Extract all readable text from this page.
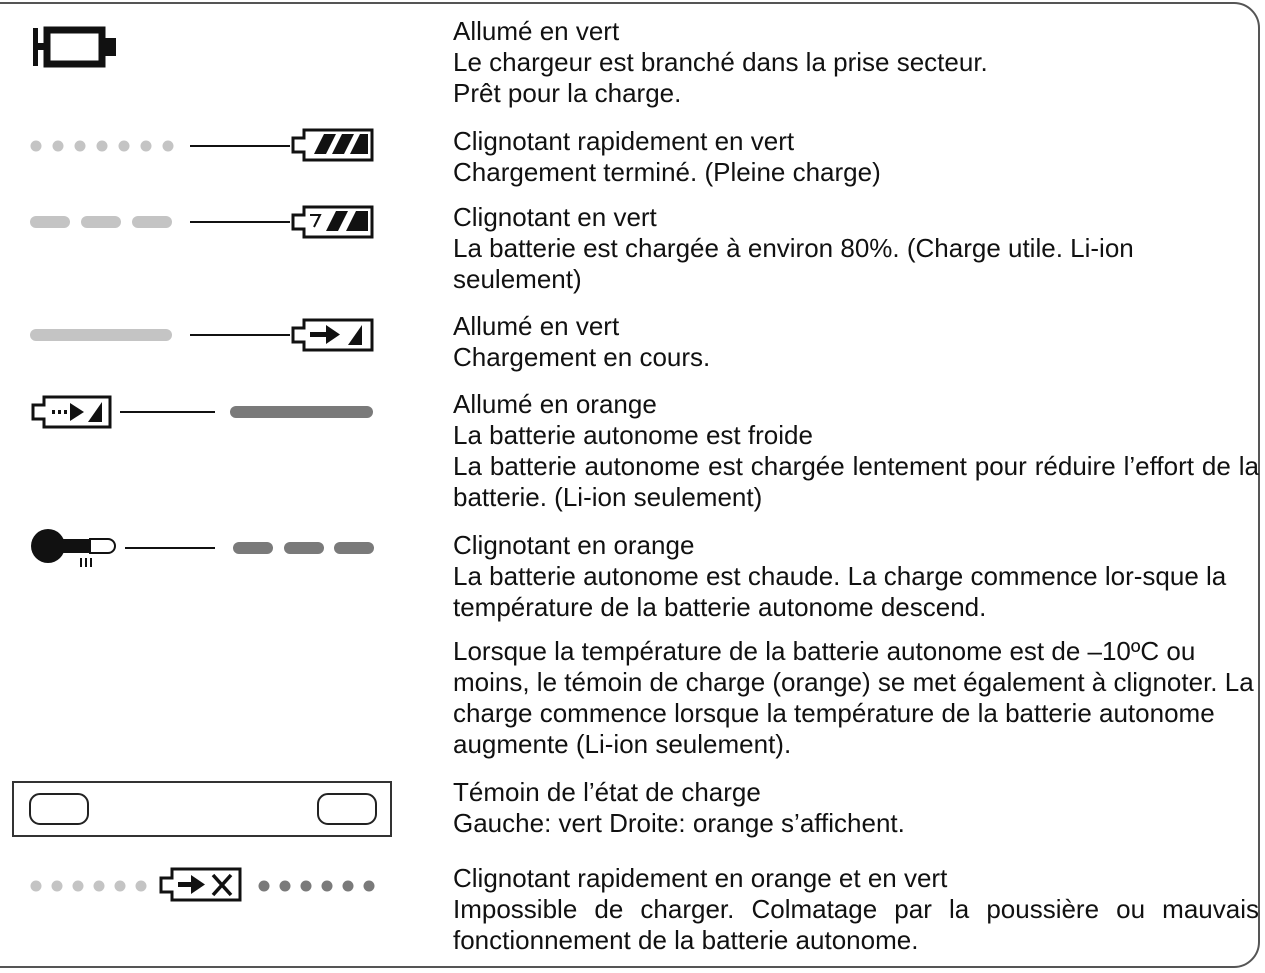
Allumé en vert
Le chargeur est branché dans la prise secteur.
Prêt pour la charge.
Clignotant rapidement en vert
Chargement terminé. (Pleine charge)
Clignotant en vert
La batterie est chargée à environ 80%. (Charge utile. Li-ion seulement)
Allumé en vert
Chargement en cours.
Allumé en orange
La batterie autonome est froide
La batterie autonome est chargée lentement pour réduire l’effort de la batterie. (Li-ion seulement)
Clignotant en orange
La batterie autonome est chaude. La charge commence lor-sque la température de la batterie autonome descend.
Lorsque la température de la batterie autonome est de –10ºC ou moins, le témoin de charge (orange) se met également à clignoter. La charge commence lorsque la température de la batterie autonome augmente (Li-ion seulement).
Témoin de l’état de charge
Gauche: vert Droite: orange s’affichent.
Clignotant rapidement en orange et en vert
Impossible de charger. Colmatage par la poussière ou mauvais fonctionnement de la batterie autonome.
